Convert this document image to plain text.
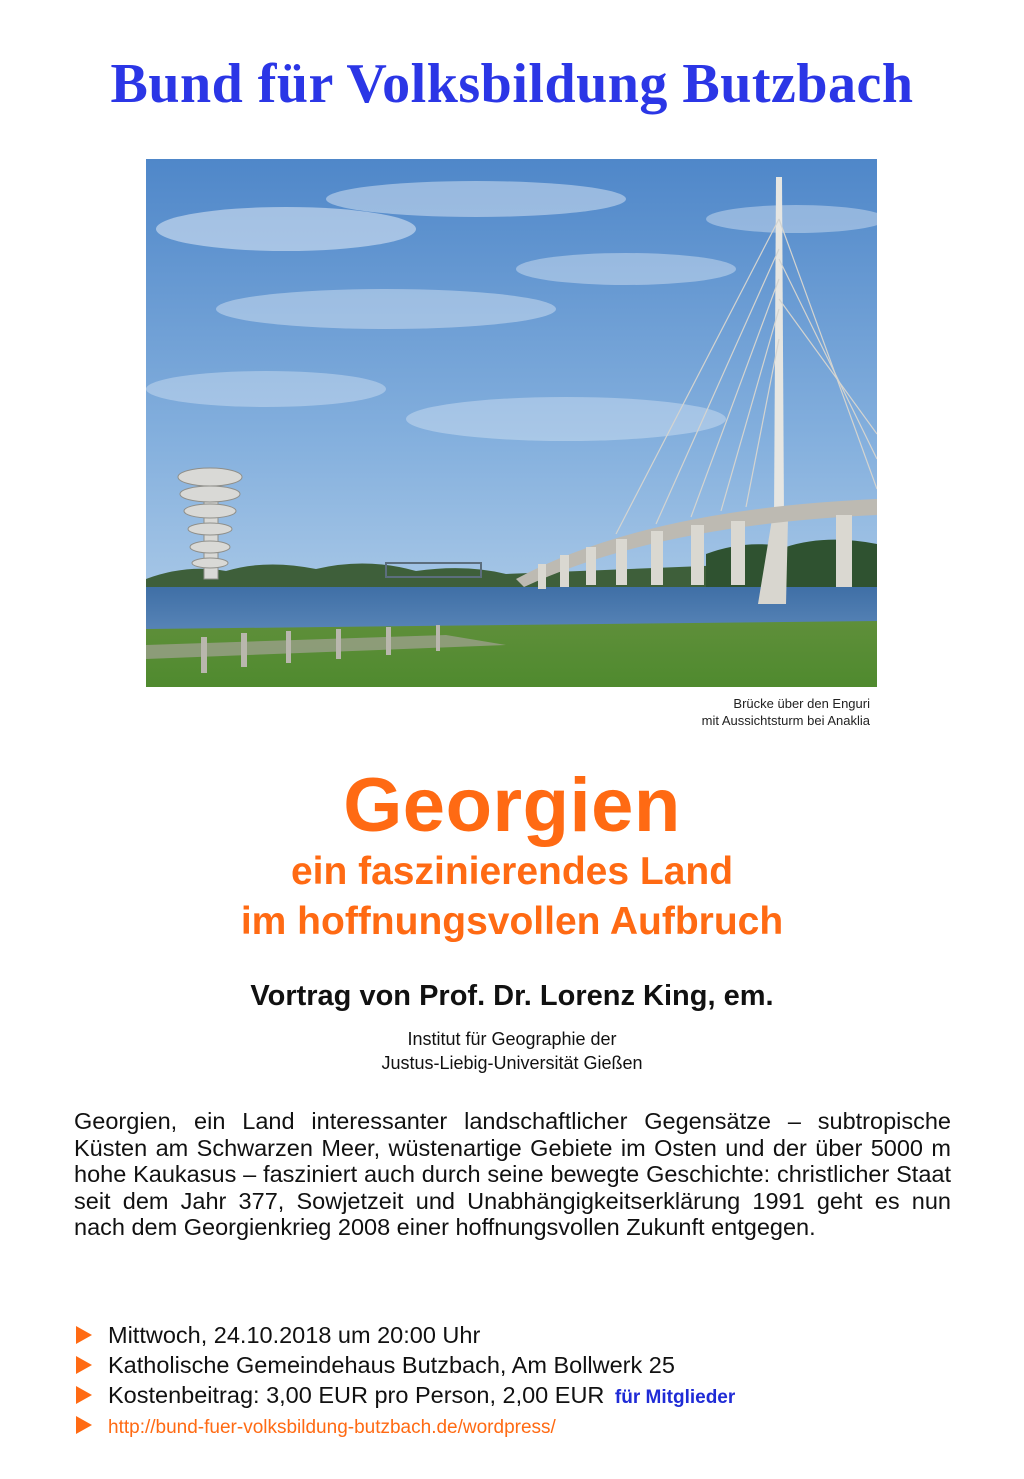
Bund für Volksbildung Butzbach
Brücke über den Enguri
mit Aussichtsturm bei Anaklia
Georgien
ein faszinierendes Land
im hoffnungsvollen Aufbruch
Vortrag von Prof. Dr. Lorenz King, em.
Institut für Geographie der
Justus-Liebig-Universität Gießen
Georgien, ein Land interessanter landschaftlicher Gegensätze – subtropische Küsten am Schwarzen Meer, wüstenartige Gebiete im Osten und der über 5000 m hohe Kaukasus – fasziniert auch durch seine bewegte Geschichte: christlicher Staat seit dem Jahr 377, Sowjetzeit und Unabhängigkeitserklärung 1991 geht es nun nach dem Georgienkrieg 2008 einer hoffnungsvollen Zukunft entgegen.
Mittwoch, 24.10.2018 um 20:00 Uhr
Katholische Gemeindehaus Butzbach, Am Bollwerk 25
Kostenbeitrag: 3,00 EUR pro Person, 2,00 EUR für Mitglieder
http://bund-fuer-volksbildung-butzbach.de/wordpress/
